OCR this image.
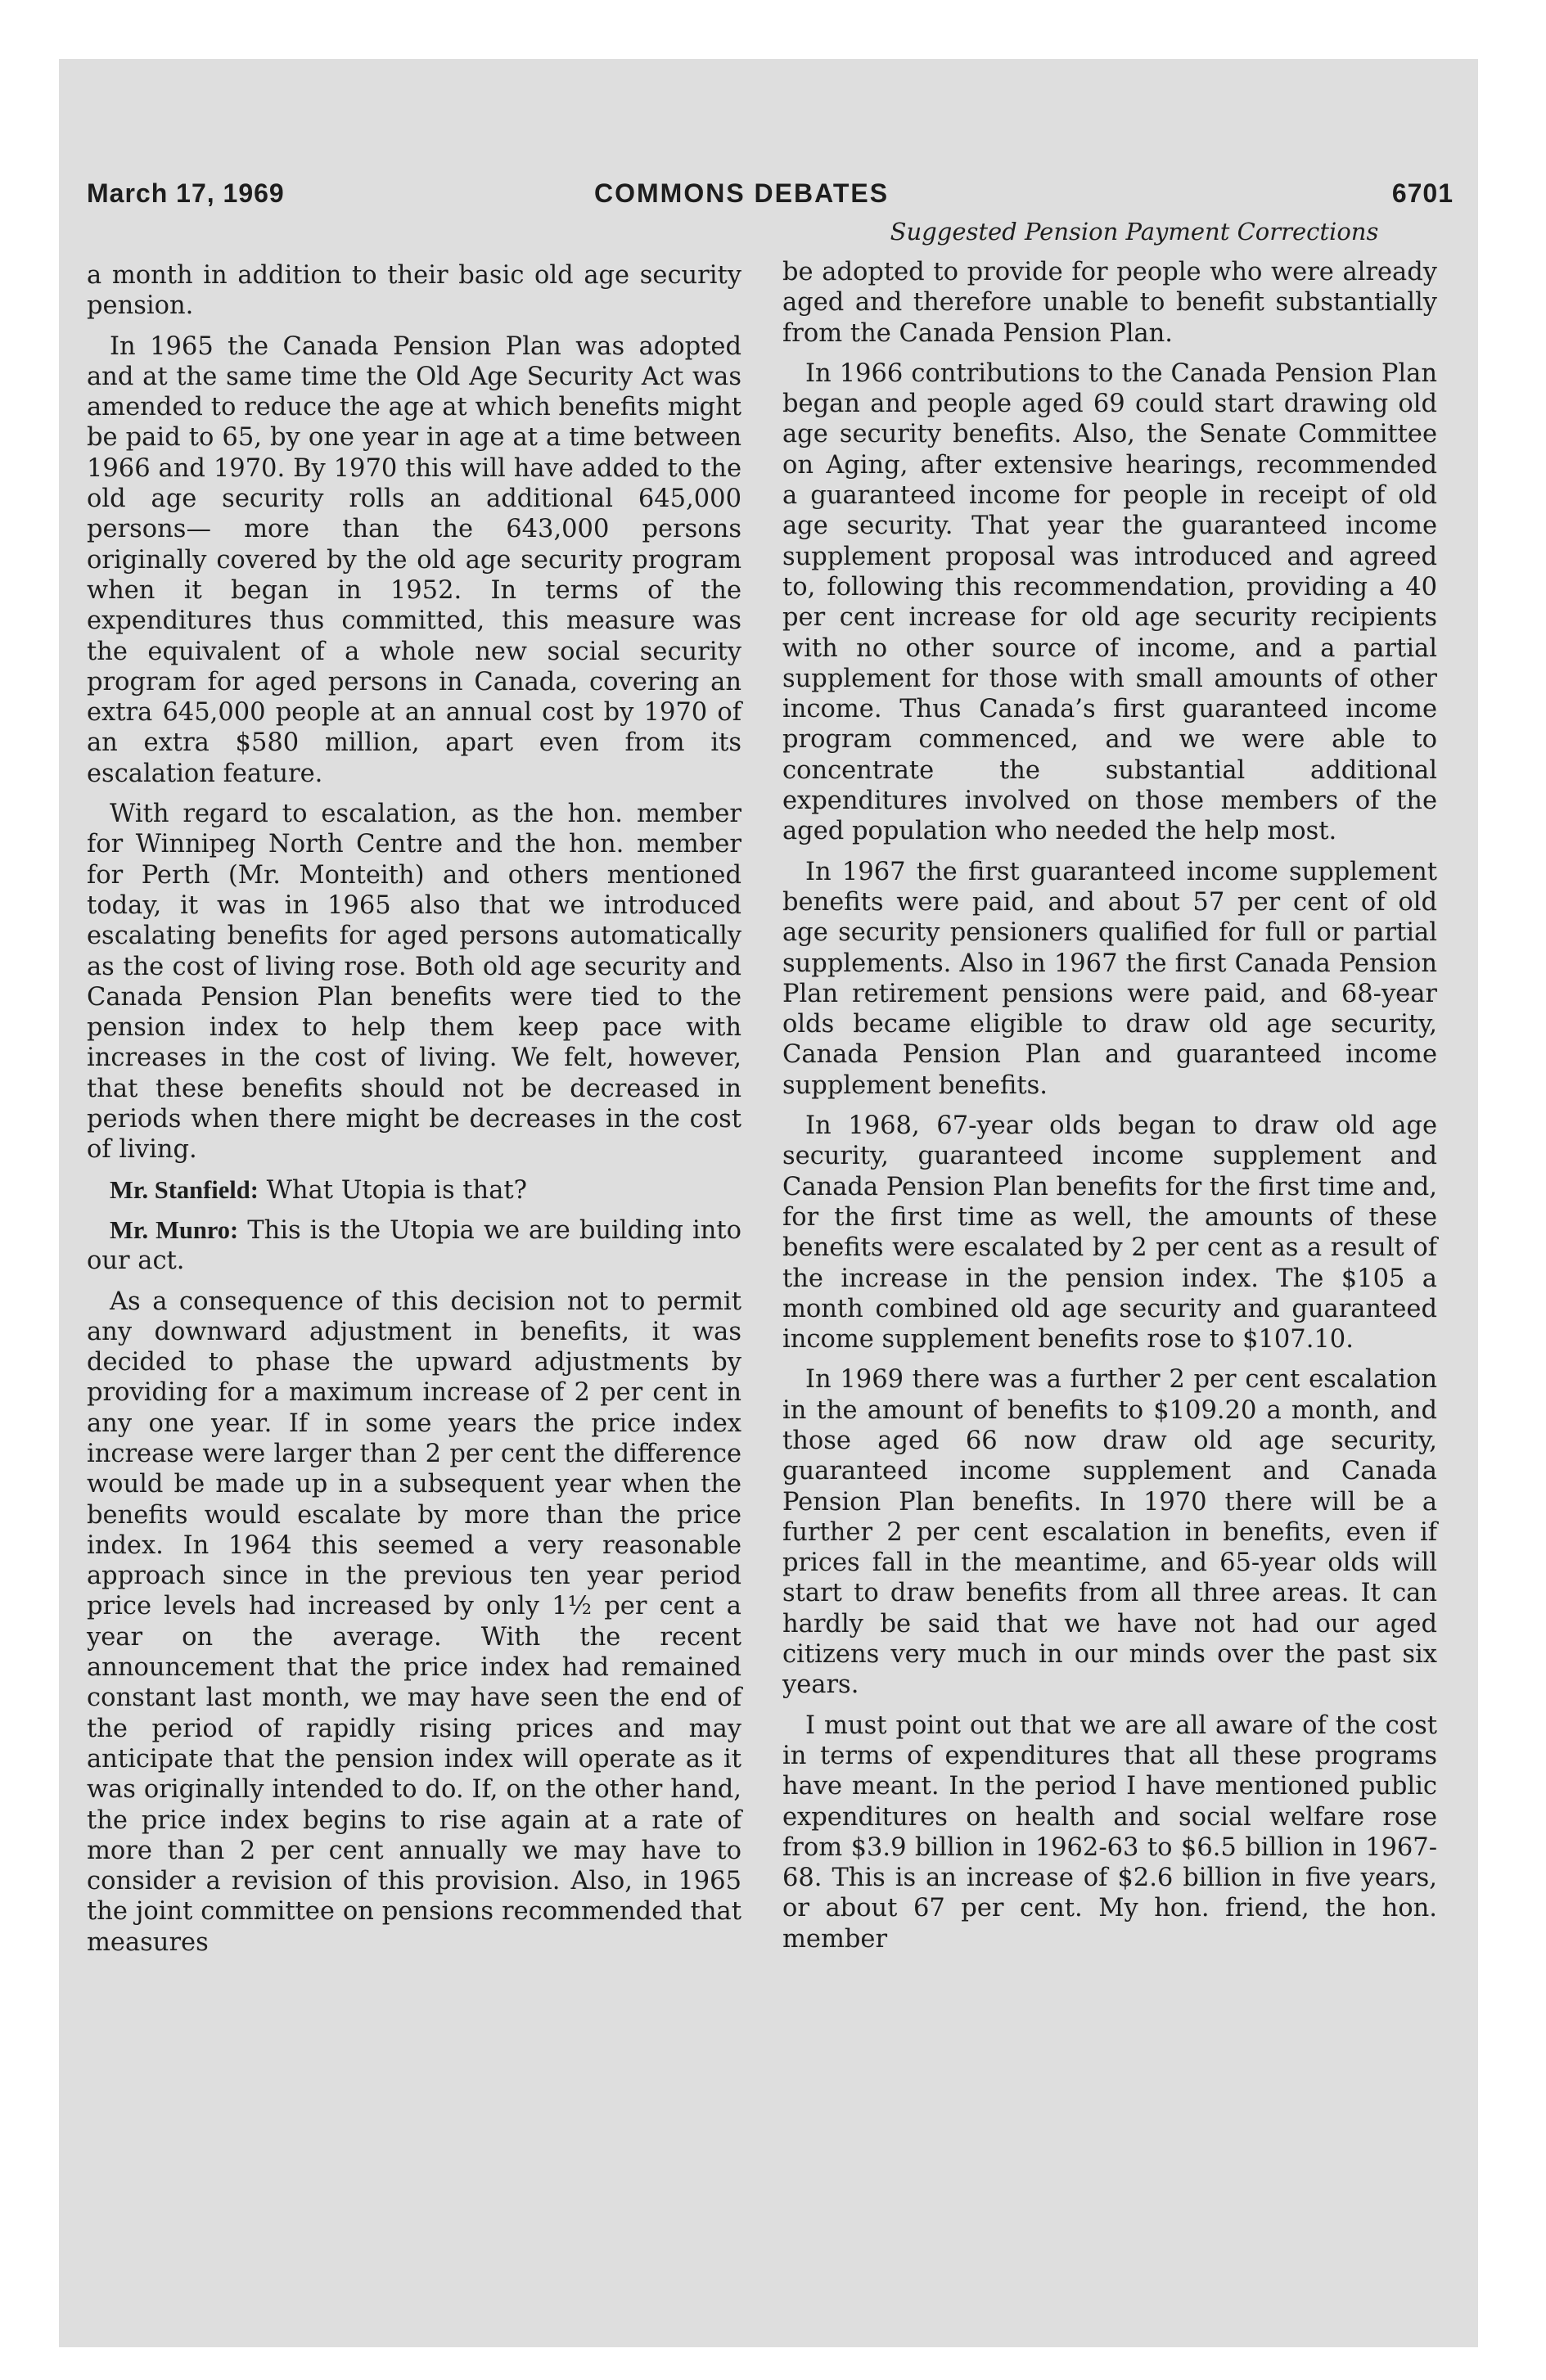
March 17, 1969	COMMONS DEBATES	6701
Suggested Pension Payment Corrections

a month in addition to their basic old age security pension.

In 1965 the Canada Pension Plan was adopted and at the same time the Old Age Security Act was amended to reduce the age at which benefits might be paid to 65, by one year in age at a time between 1966 and 1970. By 1970 this will have added to the old age security rolls an additional 645,000 persons— more than the 643,000 persons originally covered by the old age security program when it began in 1952. In terms of the expenditures thus committed, this measure was the equivalent of a whole new social security program for aged persons in Canada, covering an extra 645,000 people at an annual cost by 1970 of an extra $580 million, apart even from its escalation feature.

With regard to escalation, as the hon. member for Winnipeg North Centre and the hon. member for Perth (Mr. Monteith) and others mentioned today, it was in 1965 also that we introduced escalating benefits for aged persons automatically as the cost of living rose. Both old age security and Canada Pension Plan benefits were tied to the pension index to help them keep pace with increases in the cost of living. We felt, however, that these benefits should not be decreased in periods when there might be decreases in the cost of living.

Mr. Stanfield: What Utopia is that?

Mr. Munro: This is the Utopia we are building into our act.

As a consequence of this decision not to permit any downward adjustment in benefits, it was decided to phase the upward adjustments by providing for a maximum increase of 2 per cent in any one year. If in some years the price index increase were larger than 2 per cent the difference would be made up in a subsequent year when the benefits would escalate by more than the price index. In 1964 this seemed a very reasonable approach since in the previous ten year period price levels had increased by only 1½ per cent a year on the average. With the recent announcement that the price index had remained constant last month, we may have seen the end of the period of rapidly rising prices and may anticipate that the pension index will operate as it was originally intended to do. If, on the other hand, the price index begins to rise again at a rate of more than 2 per cent annually we may have to consider a revision of this provision. Also, in 1965 the joint committee on pensions recommended that measures

be adopted to provide for people who were already aged and therefore unable to benefit substantially from the Canada Pension Plan.

In 1966 contributions to the Canada Pension Plan began and people aged 69 could start drawing old age security benefits. Also, the Senate Committee on Aging, after extensive hearings, recommended a guaranteed income for people in receipt of old age security. That year the guaranteed income supplement proposal was introduced and agreed to, following this recommendation, providing a 40 per cent increase for old age security recipients with no other source of income, and a partial supplement for those with small amounts of other income. Thus Canada’s first guaranteed income program commenced, and we were able to concentrate the substantial additional expenditures involved on those members of the aged population who needed the help most.

In 1967 the first guaranteed income supplement benefits were paid, and about 57 per cent of old age security pensioners qualified for full or partial supplements. Also in 1967 the first Canada Pension Plan retirement pensions were paid, and 68-year olds became eligible to draw old age security, Canada Pension Plan and guaranteed income supplement benefits.

In 1968, 67-year olds began to draw old age security, guaranteed income supplement and Canada Pension Plan benefits for the first time and, for the first time as well, the amounts of these benefits were escalated by 2 per cent as a result of the increase in the pension index. The $105 a month combined old age security and guaranteed income supplement benefits rose to $107.10.

In 1969 there was a further 2 per cent escalation in the amount of benefits to $109.20 a month, and those aged 66 now draw old age security, guaranteed income supplement and Canada Pension Plan benefits. In 1970 there will be a further 2 per cent escalation in benefits, even if prices fall in the meantime, and 65-year olds will start to draw benefits from all three areas. It can hardly be said that we have not had our aged citizens very much in our minds over the past six years.

I must point out that we are all aware of the cost in terms of expenditures that all these programs have meant. In the period I have mentioned public expenditures on health and social welfare rose from $3.9 billion in 1962-63 to $6.5 billion in 1967-68. This is an increase of $2.6 billion in five years, or about 67 per cent. My hon. friend, the hon. member
